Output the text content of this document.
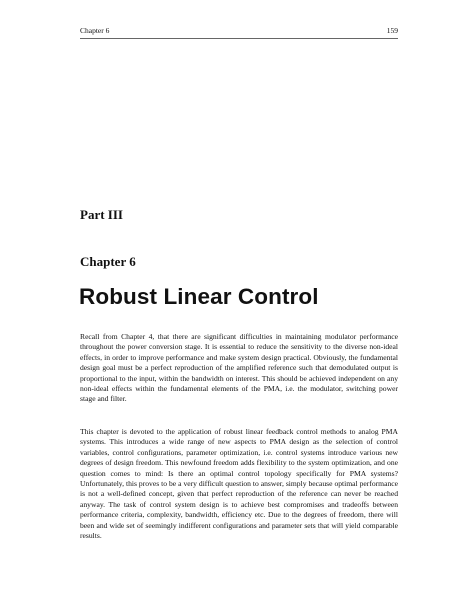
Chapter 6	159
Part III
Chapter 6
Robust Linear Control

Recall from Chapter 4, that there are significant difficulties in maintaining modulator performance throughout the power conversion stage. It is essential to reduce the sensitivity to the diverse non-ideal effects, in order to improve performance and make system design practical. Obviously, the fundamental design goal must be a perfect reproduction of the amplified reference such that demodulated output is proportional to the input, within the bandwidth on interest. This should be achieved independent on any non-ideal effects within the fundamental elements of the PMA, i.e. the modulator, switching power stage and filter.

This chapter is devoted to the application of robust linear feedback control methods to analog PMA systems. This introduces a wide range of new aspects to PMA design as the selection of control variables, control configurations, parameter optimization, i.e. control systems introduce various new degrees of design freedom. This newfound freedom adds flexibility to the system optimization, and one question comes to mind: Is there an optimal control topology specifically for PMA systems? Unfortunately, this proves to be a very difficult question to answer, simply because optimal performance is not a well-defined concept, given that perfect reproduction of the reference can never be reached anyway. The task of control system design is to achieve best compromises and tradeoffs between performance criteria, complexity, bandwidth, efficiency etc. Due to the degrees of freedom, there will been and wide set of seemingly indifferent configurations and parameter sets that will yield comparable results.
